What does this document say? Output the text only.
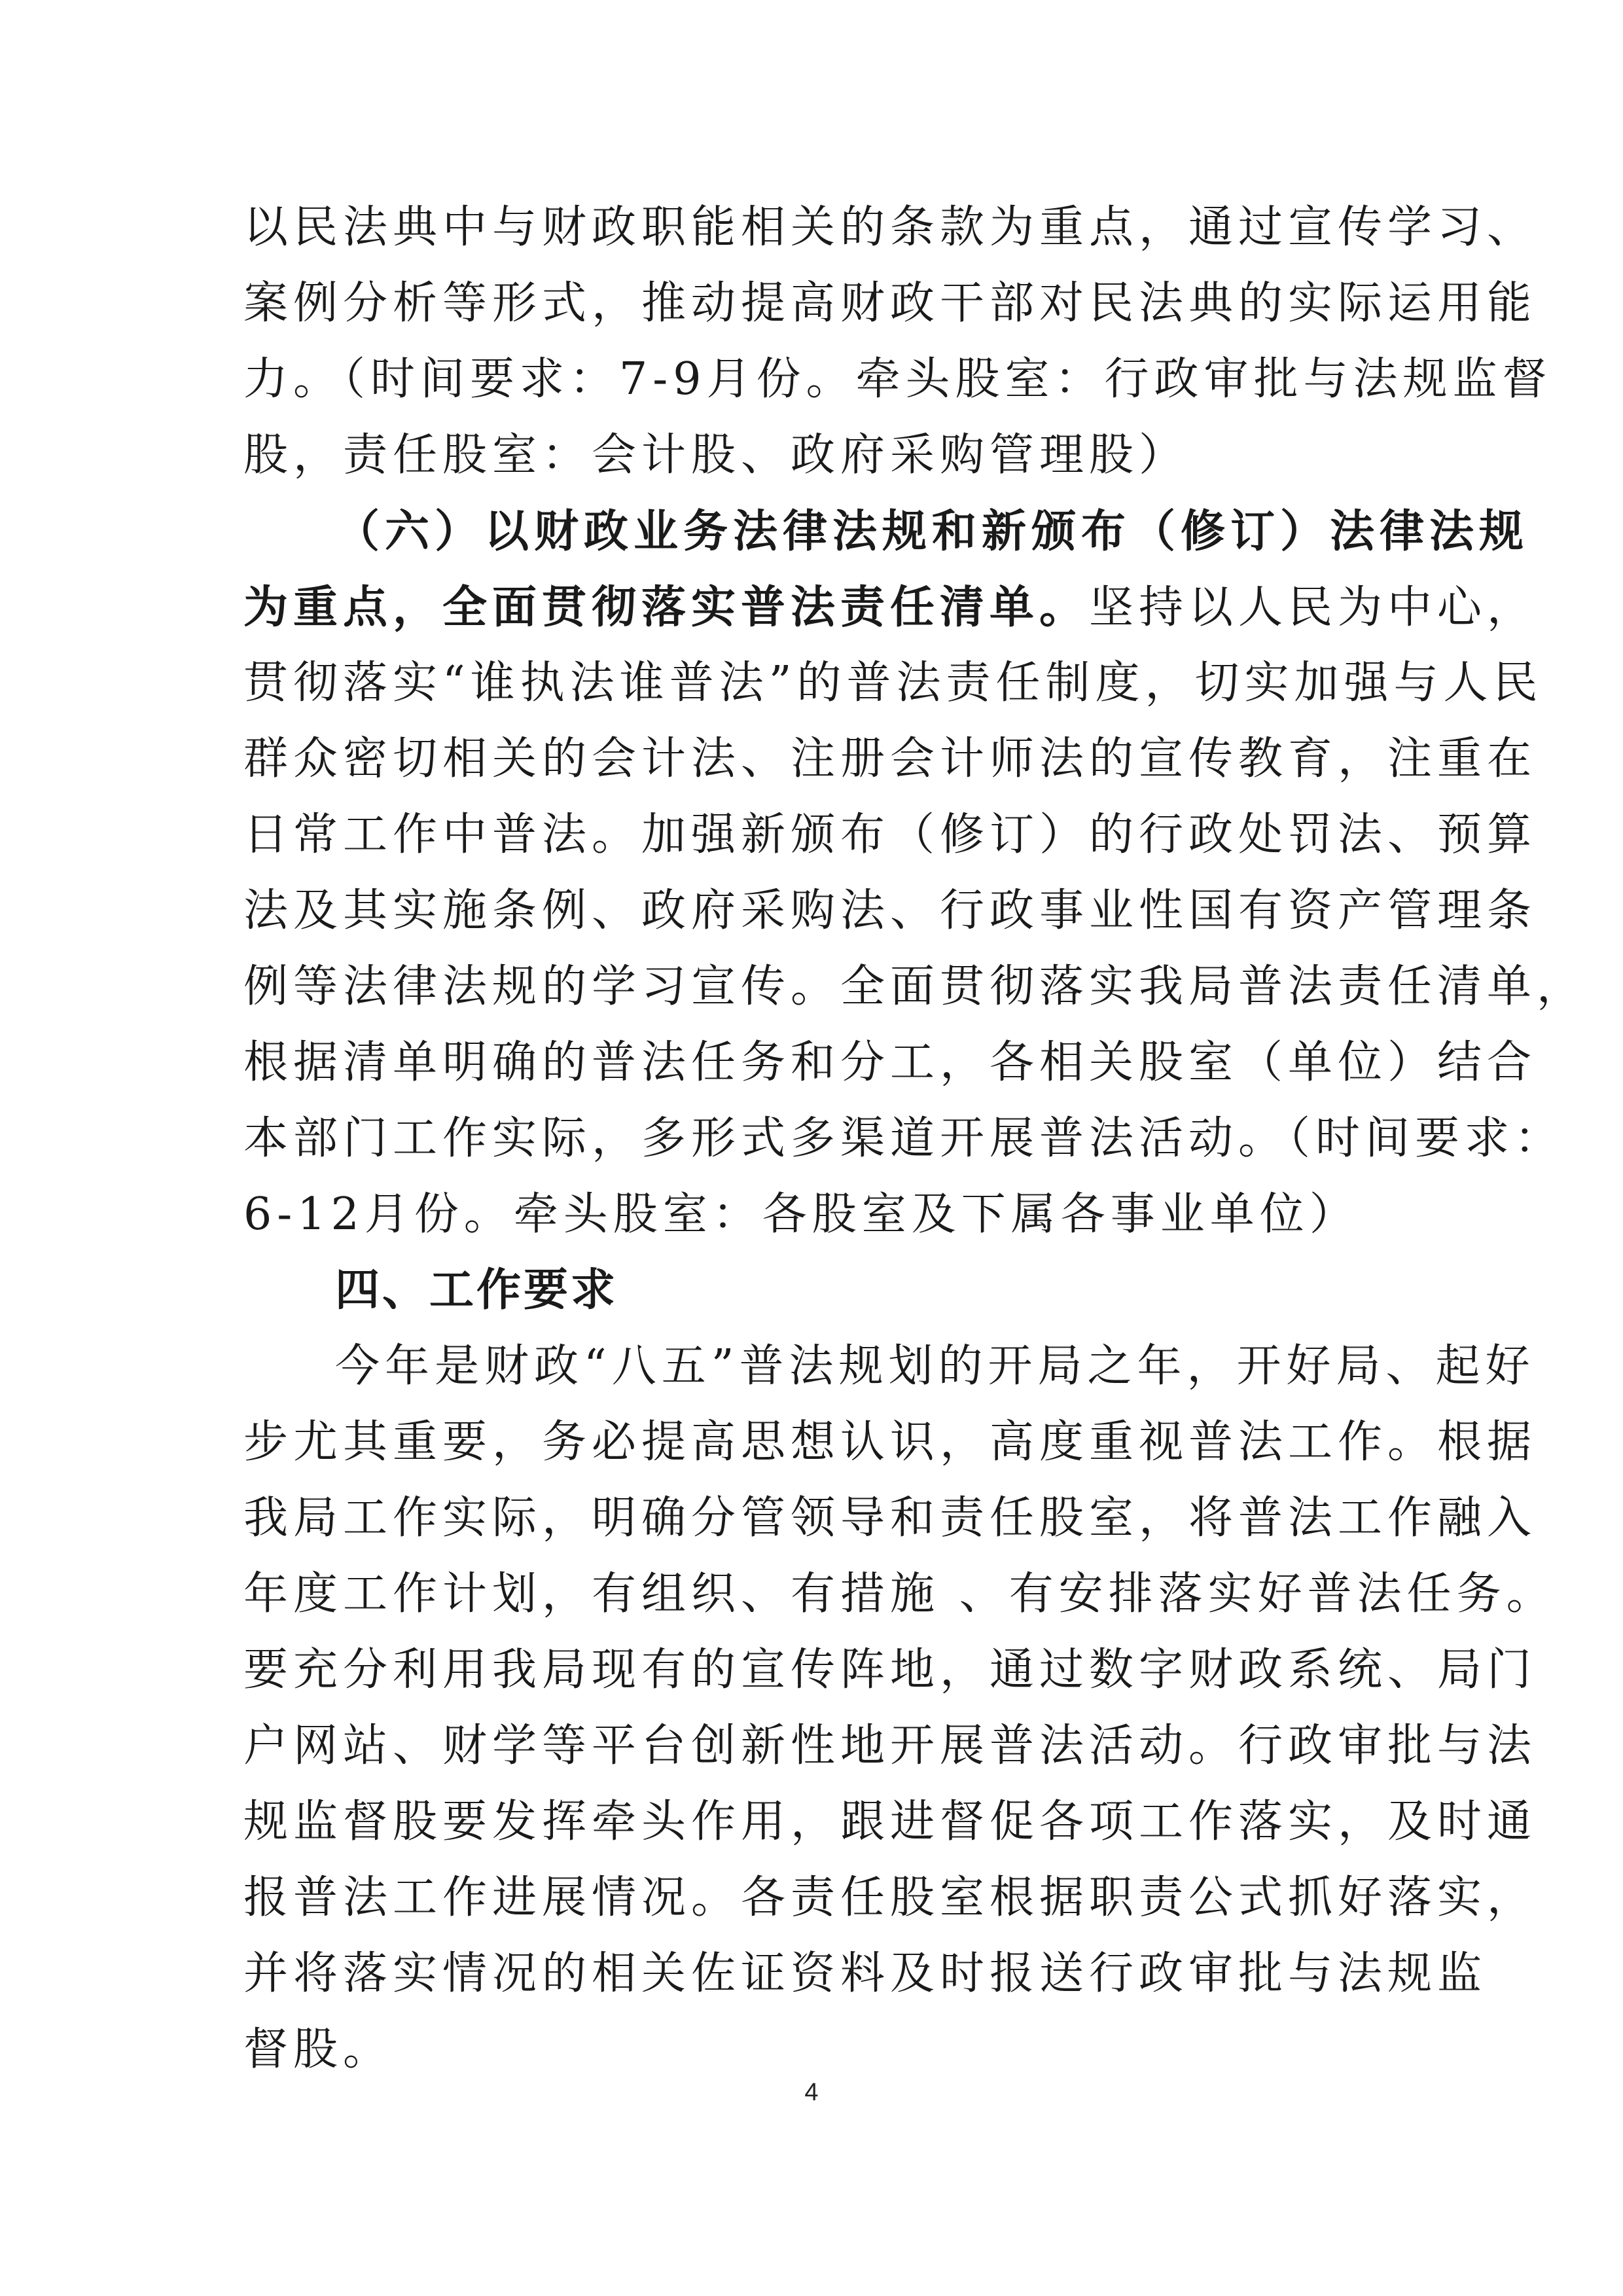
以民法典中与财政职能相关的条款为重点，通过宣传学习、
案例分析等形式，推动提高财政干部对民法典的实际运用能
力。（时间要求：7-9月份。牵头股室：行政审批与法规监督
股，责任股室：会计股、政府采购管理股）
（六）以财政业务法律法规和新颁布（修订）法律法规
为重点，全面贯彻落实普法责任清单。坚持以人民为中心，
贯彻落实“谁执法谁普法”的普法责任制度，切实加强与人民
群众密切相关的会计法、注册会计师法的宣传教育，注重在
日常工作中普法。加强新颁布（修订）的行政处罚法、预算
法及其实施条例、政府采购法、行政事业性国有资产管理条
例等法律法规的学习宣传。全面贯彻落实我局普法责任清单，
根据清单明确的普法任务和分工，各相关股室（单位）结合
本部门工作实际，多形式多渠道开展普法活动。（时间要求：
6-12月份。牵头股室：各股室及下属各事业单位）
四、工作要求
今年是财政“八五”普法规划的开局之年，开好局、起好
步尤其重要，务必提高思想认识，高度重视普法工作。根据
我局工作实际，明确分管领导和责任股室，将普法工作融入
年度工作计划，有组织、有措施 、有安排落实好普法任务。
要充分利用我局现有的宣传阵地，通过数字财政系统、局门
户网站、财学等平台创新性地开展普法活动。行政审批与法
规监督股要发挥牵头作用，跟进督促各项工作落实，及时通
报普法工作进展情况。各责任股室根据职责公式抓好落实，
并将落实情况的相关佐证资料及时报送行政审批与法规监
督股。
4
